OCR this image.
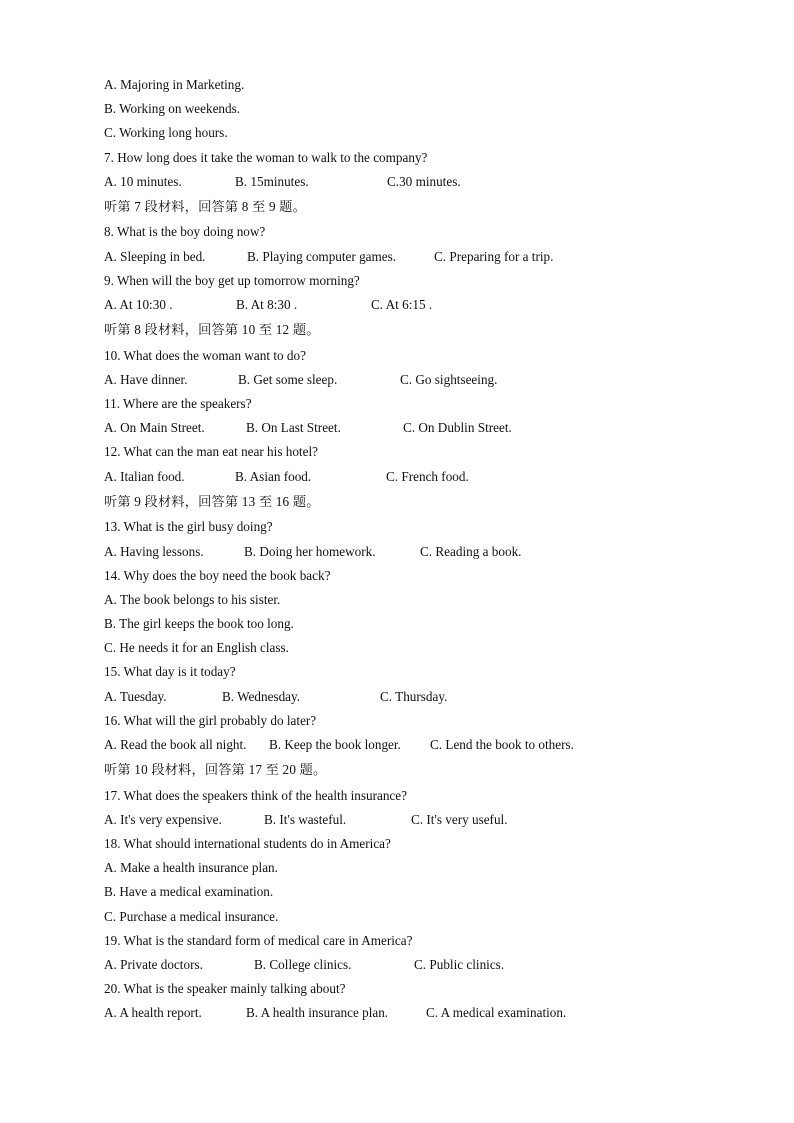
A. Majoring in Marketing.
B. Working on weekends.
C. Working long hours.
7. How long does it take the woman to walk to the company?
A. 10 minutes.	B. 15minutes.	C.30 minutes.
听第 7 段材料，回答第 8 至 9 题。
8. What is the boy doing now?
A. Sleeping in bed.	B. Playing computer games.	C. Preparing for a trip.
9. When will the boy get up tomorrow morning?
A. At 10:30 .	B. At 8:30 .	C. At 6:15 .
听第 8 段材料，回答第 10 至 12 题。
10. What does the woman want to do?
A. Have dinner.	B. Get some sleep.	C. Go sightseeing.
11. Where are the speakers?
A. On Main Street.	B. On Last Street.	C. On Dublin Street.
12. What can the man eat near his hotel?
A. Italian food.	B. Asian food.	C. French food.
听第 9 段材料，回答第 13 至 16 题。
13. What is the girl busy doing?
A. Having lessons.	B. Doing her homework.	C. Reading a book.
14. Why does the boy need the book back?
A. The book belongs to his sister.
B. The girl keeps the book too long.
C. He needs it for an English class.
15. What day is it today?
A. Tuesday.	B. Wednesday.	C. Thursday.
16. What will the girl probably do later?
A. Read the book all night. B. Keep the book longer. C. Lend the book to others.
听第 10 段材料，回答第 17 至 20 题。
17. What does the speakers think of the health insurance?
A. It's very expensive.	B. It's wasteful.	C. It's very useful.
18. What should international students do in America?
A. Make a health insurance plan.
B. Have a medical examination.
C. Purchase a medical insurance.
19. What is the standard form of medical care in America?
A. Private doctors.	B. College clinics.	C. Public clinics.
20. What is the speaker mainly talking about?
A. A health report.	B. A health insurance plan.	C. A medical examination.
